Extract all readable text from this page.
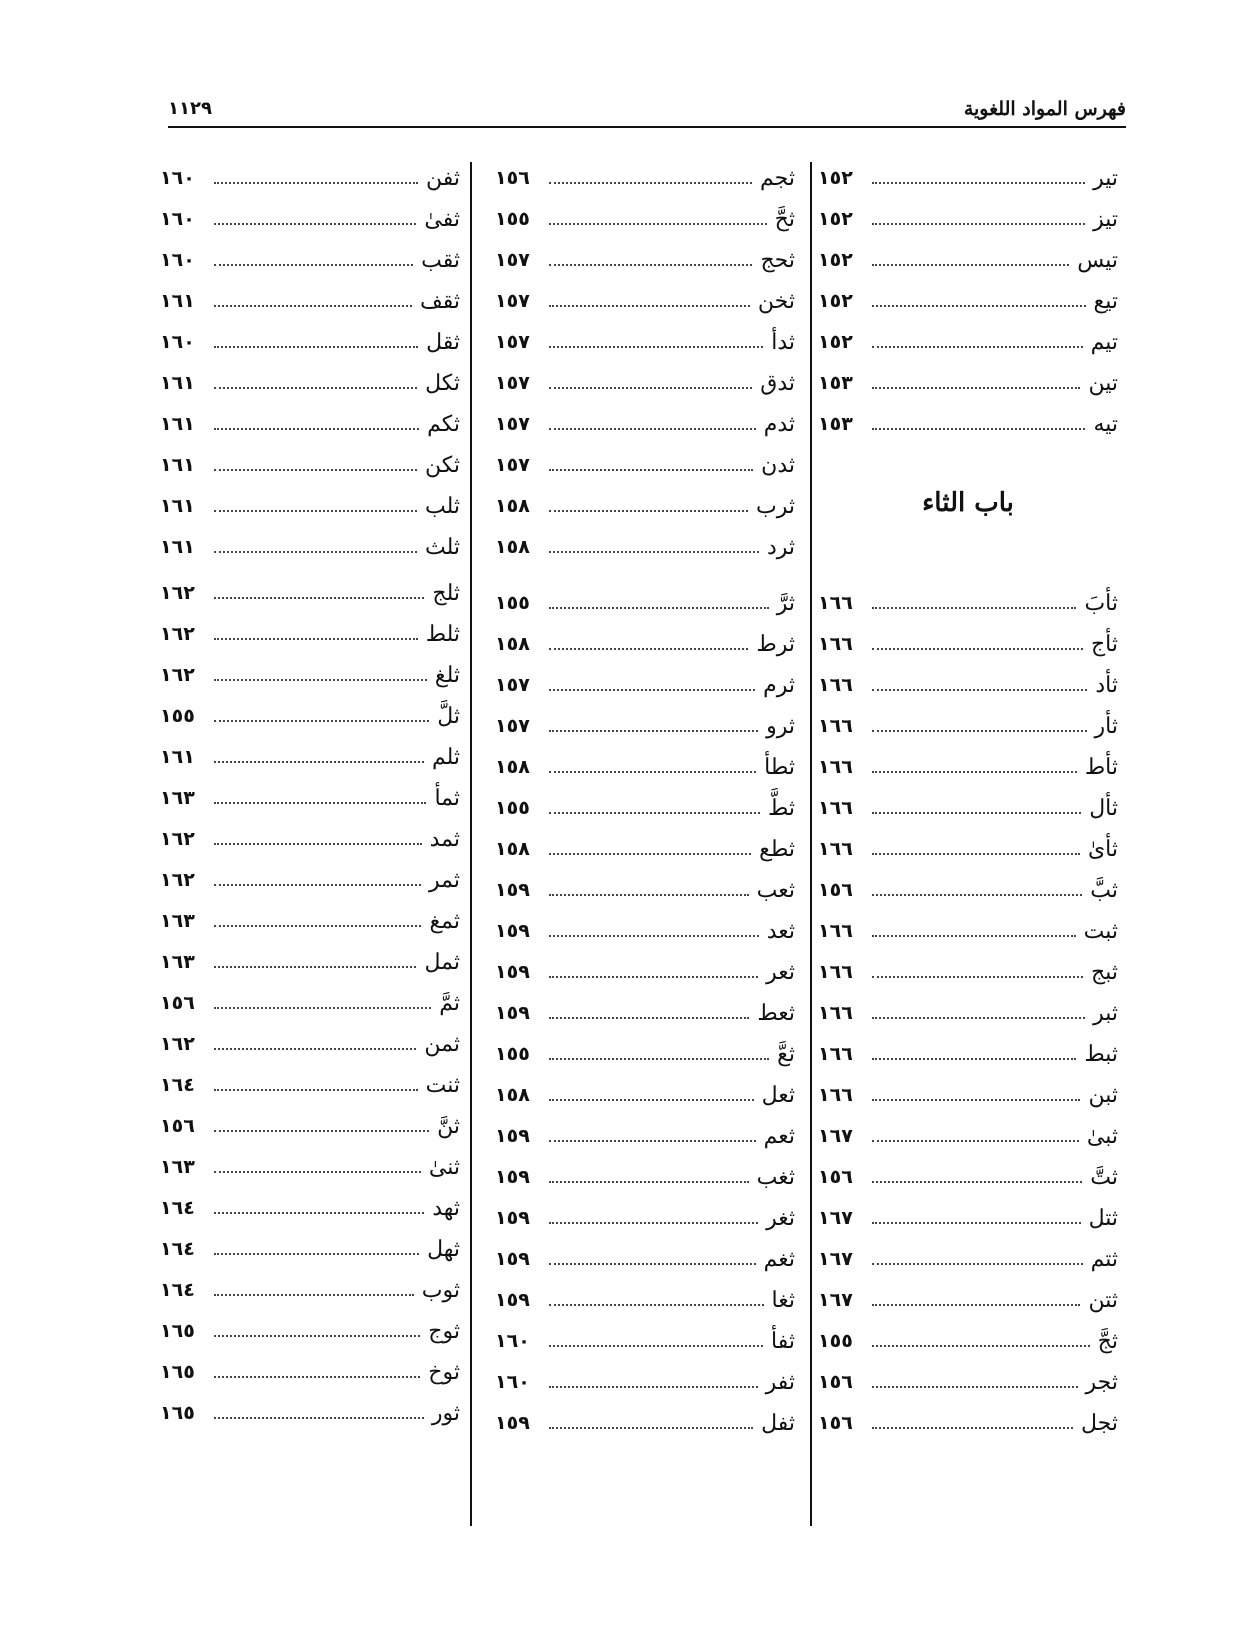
فهرس المواد اللغوية
١١٢٩
باب الثاء
تير
١٥٢
تيز
١٥٢
تيس
١٥٢
تيع
١٥٢
تيم
١٥٢
تين
١٥٣
تيه
١٥٣
ثأبَ
١٦٦
ثأج
١٦٦
ثأد
١٦٦
ثأر
١٦٦
ثأط
١٦٦
ثأل
١٦٦
ثأىٰ
١٦٦
ثبَّ
١٥٦
ثبت
١٦٦
ثبج
١٦٦
ثبر
١٦٦
ثبط
١٦٦
ثبن
١٦٦
ثبىٰ
١٦٧
ثتَّ
١٥٦
ثتل
١٦٧
ثتم
١٦٧
ثتن
١٦٧
ثجَّ
١٥٥
ثجر
١٥٦
ثجل
١٥٦
ثجم
١٥٦
ثحَّ
١٥٥
ثحج
١٥٧
ثخن
١٥٧
ثدأ
١٥٧
ثدق
١٥٧
ثدم
١٥٧
ثدن
١٥٧
ثرب
١٥٨
ثرد
١٥٨
ثرَّ
١٥٥
ثرط
١٥٨
ثرم
١٥٧
ثرو
١٥٧
ثطأ
١٥٨
ثطَّ
١٥٥
ثطع
١٥٨
ثعب
١٥٩
ثعد
١٥٩
ثعر
١٥٩
ثعط
١٥٩
ثعَّ
١٥٥
ثعل
١٥٨
ثعم
١٥٩
ثغب
١٥٩
ثغر
١٥٩
ثغم
١٥٩
ثغا
١٥٩
ثفأ
١٦٠
ثفر
١٦٠
ثفل
١٥٩
ثفن
١٦٠
ثفىٰ
١٦٠
ثقب
١٦٠
ثقف
١٦١
ثقل
١٦٠
ثكل
١٦١
ثكم
١٦١
ثكن
١٦١
ثلب
١٦١
ثلث
١٦١
ثلج
١٦٢
ثلط
١٦٢
ثلغ
١٦٢
ثلَّ
١٥٥
ثلم
١٦١
ثمأ
١٦٣
ثمد
١٦٢
ثمر
١٦٢
ثمغ
١٦٣
ثمل
١٦٣
ثمَّ
١٥٦
ثمن
١٦٢
ثنت
١٦٤
ثنَّ
١٥٦
ثنىٰ
١٦٣
ثهد
١٦٤
ثهل
١٦٤
ثوب
١٦٤
ثوج
١٦٥
ثوخ
١٦٥
ثور
١٦٥
